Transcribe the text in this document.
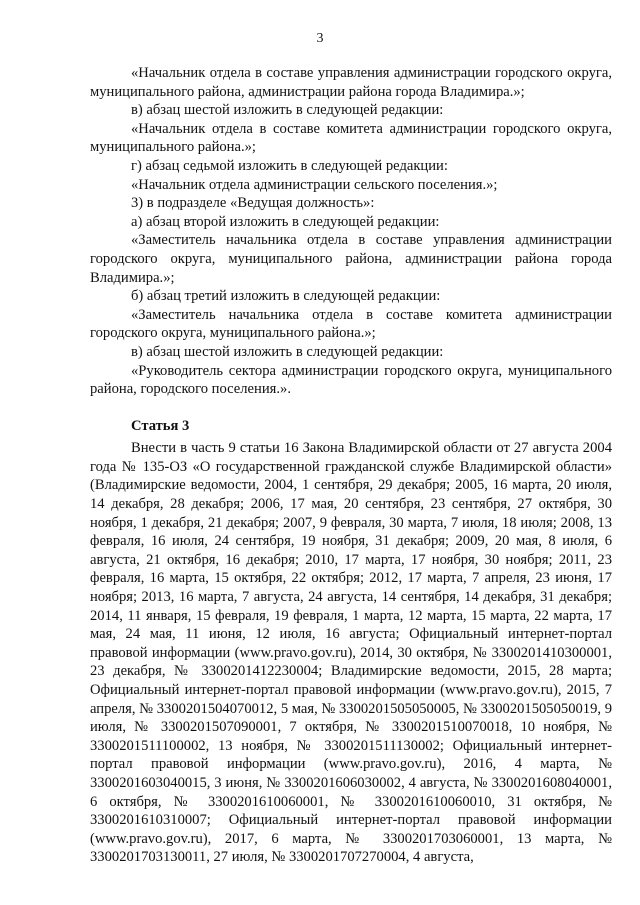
3

«Начальник отдела в составе управления администрации городского округа, муниципального района, администрации района города Владимира.»;

в) абзац шестой изложить в следующей редакции:

«Начальник отдела в составе комитета администрации городского округа, муниципального района.»;

г) абзац седьмой изложить в следующей редакции:

«Начальник отдела администрации сельского поселения.»;

3) в подразделе «Ведущая должность»:

а) абзац второй изложить в следующей редакции:

«Заместитель начальника отдела в составе управления администрации городского округа, муниципального района, администрации района города Владимира.»;

б) абзац третий изложить в следующей редакции:

«Заместитель начальника отдела в составе комитета администрации городского округа, муниципального района.»;

в) абзац шестой изложить в следующей редакции:

«Руководитель сектора администрации городского округа, муниципального района, городского поселения.».

Статья 3

Внести в часть 9 статьи 16 Закона Владимирской области от 27 августа 2004 года № 135-ОЗ «О государственной гражданской службе Владимирской области» (Владимирские ведомости, 2004, 1 сентября, 29 декабря; 2005, 16 марта, 20 июля, 14 декабря, 28 декабря; 2006, 17 мая, 20 сентября, 23 сентября, 27 октября, 30 ноября, 1 декабря, 21 декабря; 2007, 9 февраля, 30 марта, 7 июля, 18 июля; 2008, 13 февраля, 16 июля, 24 сентября, 19 ноября, 31 декабря; 2009, 20 мая, 8 июля, 6 августа, 21 октября, 16 декабря; 2010, 17 марта, 17 ноября, 30 ноября; 2011, 23 февраля, 16 марта, 15 октября, 22 октября; 2012, 17 марта, 7 апреля, 23 июня, 17 ноября; 2013, 16 марта, 7 августа, 24 августа, 14 сентября, 14 декабря, 31 декабря; 2014, 11 января, 15 февраля, 19 февраля, 1 марта, 12 марта, 15 марта, 22 марта, 17 мая, 24 мая, 11 июня, 12 июля, 16 августа; Официальный интернет-портал правовой информации (www.pravo.gov.ru), 2014, 30 октября, № 3300201410300001, 23 декабря, № 3300201412230004; Владимирские ведомости, 2015, 28 марта; Официальный интернет-портал правовой информации (www.pravo.gov.ru), 2015, 7 апреля, № 3300201504070012, 5 мая, № 3300201505050005, № 3300201505050019, 9 июля, № 3300201507090001, 7 октября, № 3300201510070018, 10 ноября, № 3300201511100002, 13 ноября, № 3300201511130002; Официальный интернет-портал правовой информации (www.pravo.gov.ru), 2016, 4 марта, № 3300201603040015, 3 июня, № 3300201606030002, 4 августа, № 3300201608040001, 6 октября, № 3300201610060001, № 3300201610060010, 31 октября, № 3300201610310007; Официальный интернет-портал правовой информации (www.pravo.gov.ru), 2017, 6 марта, № 3300201703060001, 13 марта, № 3300201703130011, 27 июля, № 3300201707270004, 4 августа,
